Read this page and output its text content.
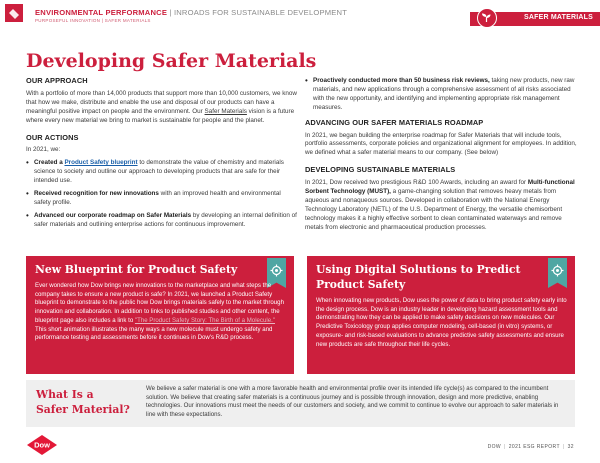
ENVIRONMENTAL PERFORMANCE | INROADS FOR SUSTAINABLE DEVELOPMENT
PURPOSEFUL INNOVATION | SAFER MATERIALS	SAFER MATERIALS
Developing Safer Materials
OUR APPROACH
With a portfolio of more than 14,000 products that support more than 10,000 customers, we know that how we make, distribute and enable the use and disposal of our products can have a meaningful positive impact on people and the environment. Our Safer Materials vision is a future where every new material we bring to market is sustainable for people and the planet.
OUR ACTIONS
In 2021, we:
• Created a Product Safety blueprint to demonstrate the value of chemistry and materials science to society and outline our approach to developing products that are safe for their intended use.
• Received recognition for new innovations with an improved health and environmental safety profile.
• Advanced our corporate roadmap on Safer Materials by developing an internal definition of safer materials and outlining enterprise actions for continuous improvement.
• Proactively conducted more than 50 business risk reviews, taking new products, new raw materials, and new applications through a comprehensive assessment of all risks associated with the new opportunity, and identifying and implementing appropriate risk management measures.
ADVANCING OUR SAFER MATERIALS ROADMAP
In 2021, we began building the enterprise roadmap for Safer Materials that will include tools, portfolio assessments, corporate policies and organizational alignment for employees. In addition, we defined what a safer material means to our company. (See below)
DEVELOPING SUSTAINABLE MATERIALS
In 2021, Dow received two prestigious R&D 100 Awards, including an award for Multi-functional Sorbent Technology (MUST), a game-changing solution that removes heavy metals from aqueous and nonaqueous sources. Developed in collaboration with the National Energy Technology Laboratory (NETL) of the U.S. Department of Energy, the versatile chemisorbent technology makes it a highly effective sorbent to clean contaminated waterways and remove metals from electronic and pharmaceutical production processes.
New Blueprint for Product Safety
Ever wondered how Dow brings new innovations to the marketplace and what steps the company takes to ensure a new product is safe? In 2021, we launched a Product Safety blueprint to demonstrate to the public how Dow brings materials safely to the market through innovation and collaboration. In addition to links to published studies and other content, the blueprint page also includes a link to "The Product Safety Story: The Birth of a Molecule." This short animation illustrates the many ways a new molecule must undergo safety and performance testing and assessments before it continues in Dow's R&D process.
Using Digital Solutions to Predict
Product Safety
When innovating new products, Dow uses the power of data to bring product safety early into the design process. Dow is an industry leader in developing hazard assessment tools and demonstrating how they can be applied to make safety decisions on new molecules. Our Predictive Toxicology group applies computer modeling, cell-based (in vitro) systems, or exposure- and risk-based evaluations to advance predictive safety assessments and ensure new products are safe throughout their life cycles.
What Is a
Safer Material?
We believe a safer material is one with a more favorable health and environmental profile over its intended life cycle(s) as compared to the incumbent solution. We believe that creating safer materials is a continuous journey and is possible through innovation, design and more predictive, enabling technologies. Our innovations must meet the needs of our customers and society, and we commit to continue to evolve our approach to safer materials in line with these expectations.
Dow	DOW | 2021 ESG REPORT | 32
